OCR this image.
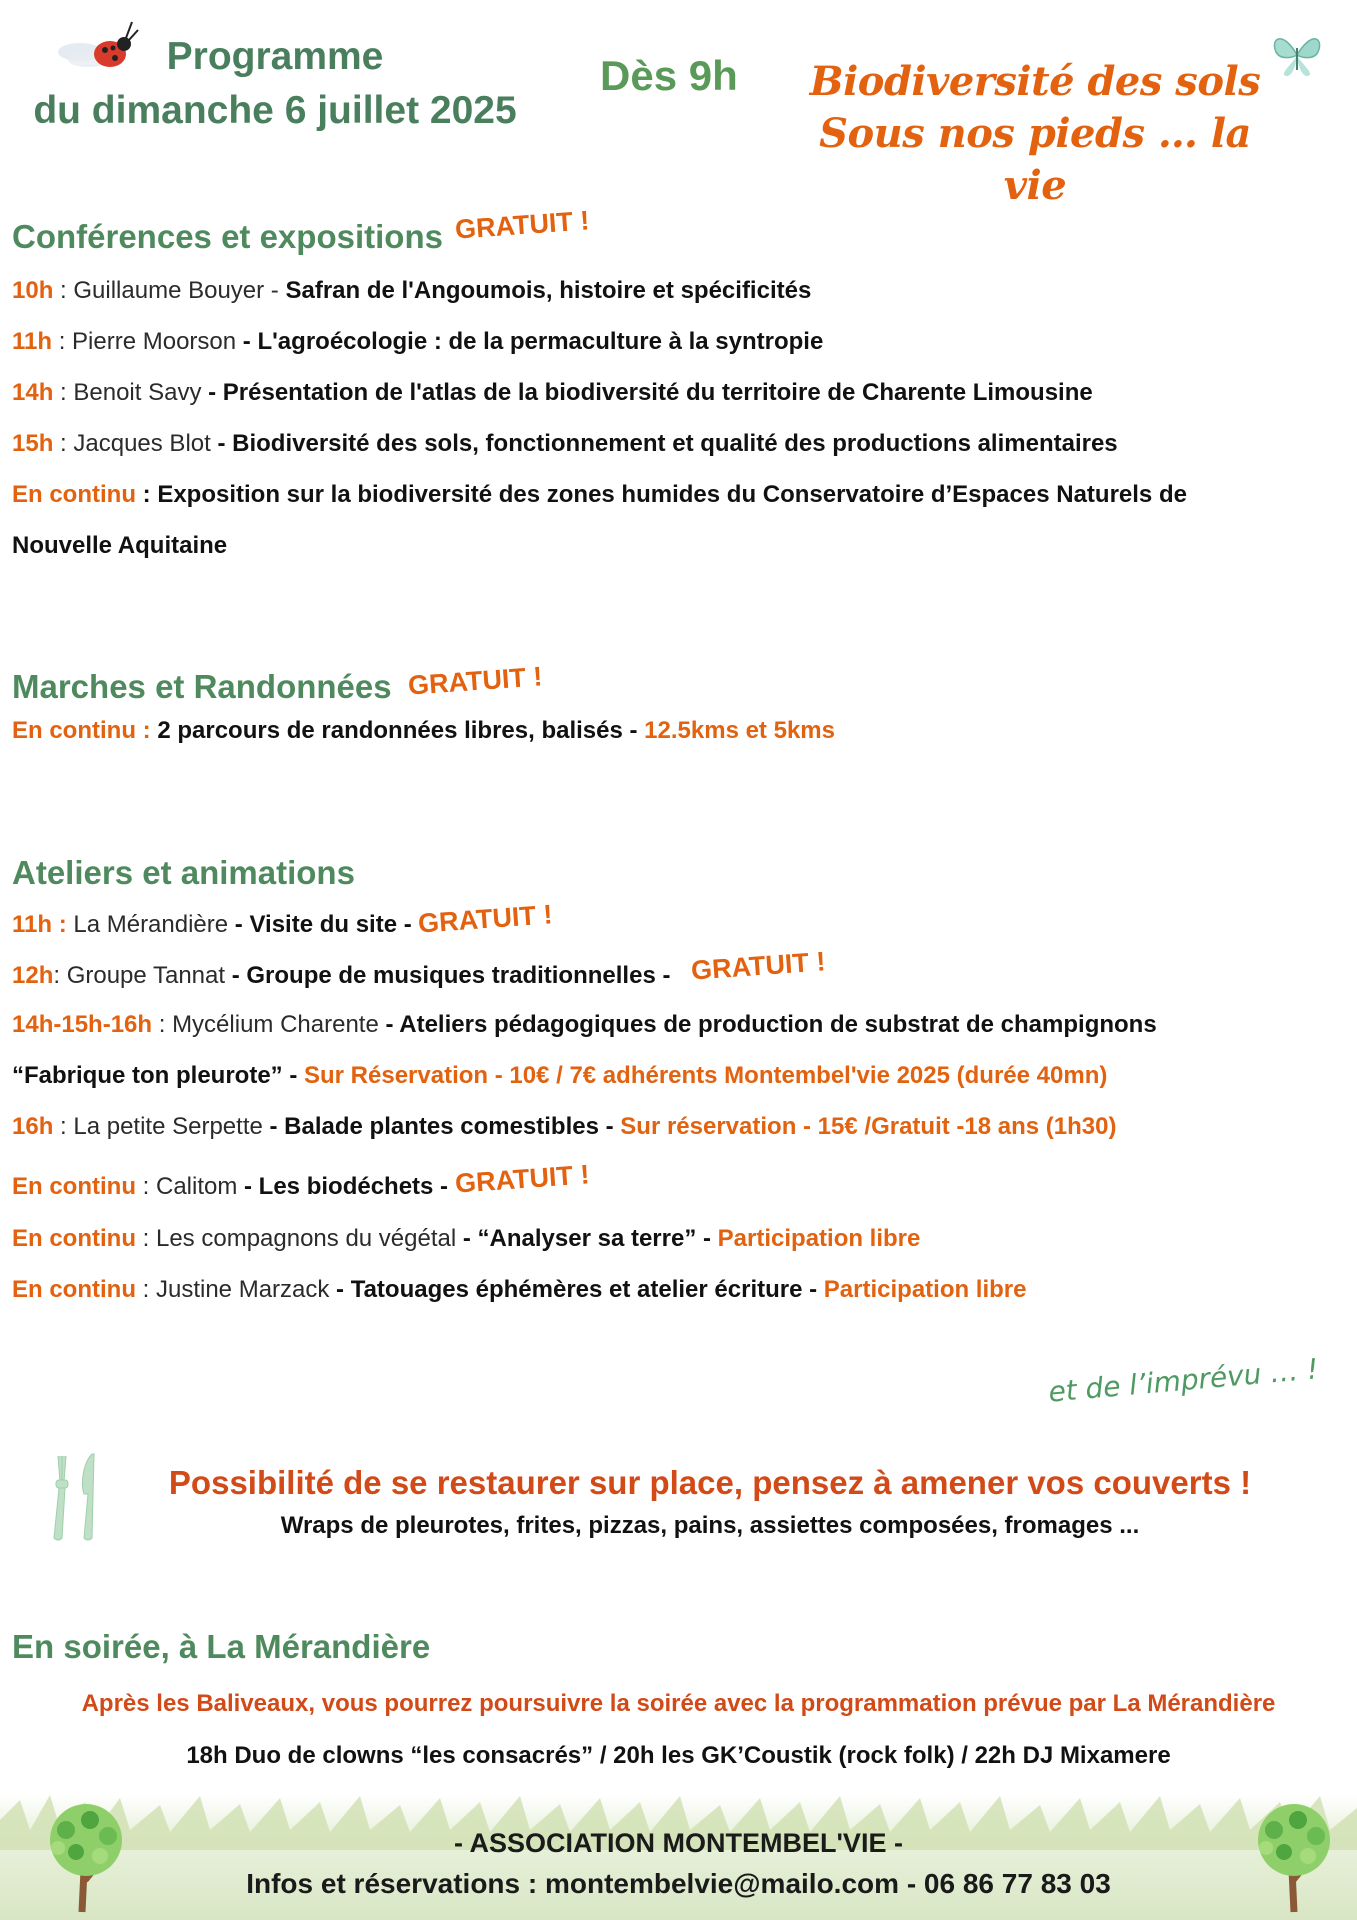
Programme
du dimanche 6 juillet 2025
Dès 9h Biodiversité des sols
Sous nos pieds … la vie
Conférences et expositions GRATUIT !
10h : Guillaume Bouyer - Safran de l'Angoumois, histoire et spécificités
11h : Pierre Moorson - L'agroécologie : de la permaculture à la syntropie
14h : Benoit Savy - Présentation de l'atlas de la biodiversité du territoire de Charente Limousine
15h : Jacques Blot - Biodiversité des sols, fonctionnement et qualité des productions alimentaires
En continu : Exposition sur la biodiversité des zones humides du Conservatoire d’Espaces Naturels de
Nouvelle Aquitaine
Marches et Randonnées GRATUIT !
En continu : 2 parcours de randonnées libres, balisés - 12.5kms et 5kms
Ateliers et animations
11h : La Mérandière - Visite du site - GRATUIT !
12h: Groupe Tannat - Groupe de musiques traditionnelles - GRATUIT !
14h-15h-16h : Mycélium Charente - Ateliers pédagogiques de production de substrat de champignons
“Fabrique ton pleurote” - Sur Réservation - 10€ / 7€ adhérents Montembel'vie 2025 (durée 40mn)
16h : La petite Serpette - Balade plantes comestibles - Sur réservation - 15€ /Gratuit -18 ans (1h30)
En continu : Calitom - Les biodéchets - GRATUIT !
En continu : Les compagnons du végétal - “Analyser sa terre” - Participation libre
En continu : Justine Marzack - Tatouages éphémères et atelier écriture - Participation libre
et de l’imprévu … !
Possibilité de se restaurer sur place, pensez à amener vos couverts !
Wraps de pleurotes, frites, pizzas, pains, assiettes composées, fromages ...
En soirée, à La Mérandière
Après les Baliveaux, vous pourrez poursuivre la soirée avec la programmation prévue par La Mérandière
18h Duo de clowns “les consacrés” / 20h les GK’Coustik (rock folk) / 22h DJ Mixamere
- ASSOCIATION MONTEMBEL'VIE -
Infos et réservations : montembelvie@mailo.com - 06 86 77 83 03
